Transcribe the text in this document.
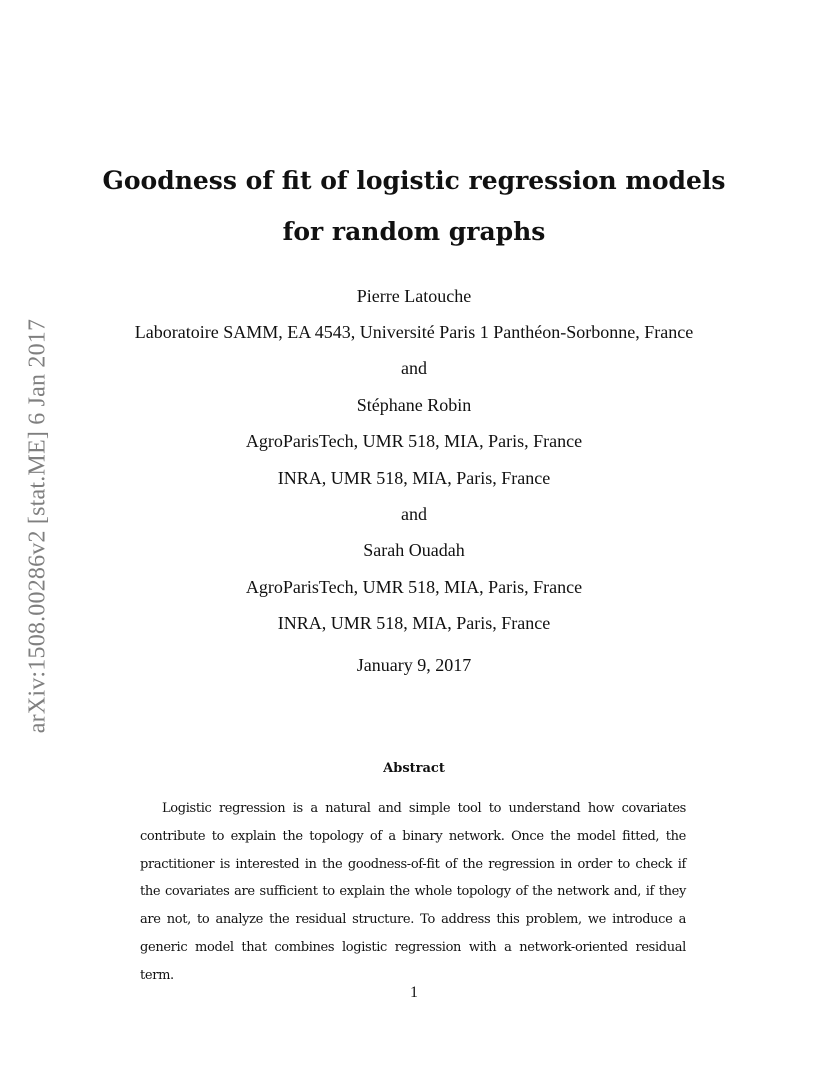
arXiv:1508.00286v2 [stat.ME] 6 Jan 2017
Goodness of fit of logistic regression models
for random graphs
Pierre Latouche
Laboratoire SAMM, EA 4543, Université Paris 1 Panthéon-Sorbonne, France
and
Stéphane Robin
AgroParisTech, UMR 518, MIA, Paris, France
INRA, UMR 518, MIA, Paris, France
and
Sarah Ouadah
AgroParisTech, UMR 518, MIA, Paris, France
INRA, UMR 518, MIA, Paris, France
January 9, 2017
Abstract

Logistic regression is a natural and simple tool to understand how covariates contribute to explain the topology of a binary network. Once the model fitted, the practitioner is interested in the goodness-of-fit of the regression in order to check if the covariates are sufficient to explain the whole topology of the network and, if they are not, to analyze the residual structure. To address this problem, we introduce a generic model that combines logistic regression with a network-oriented residual term.

1
